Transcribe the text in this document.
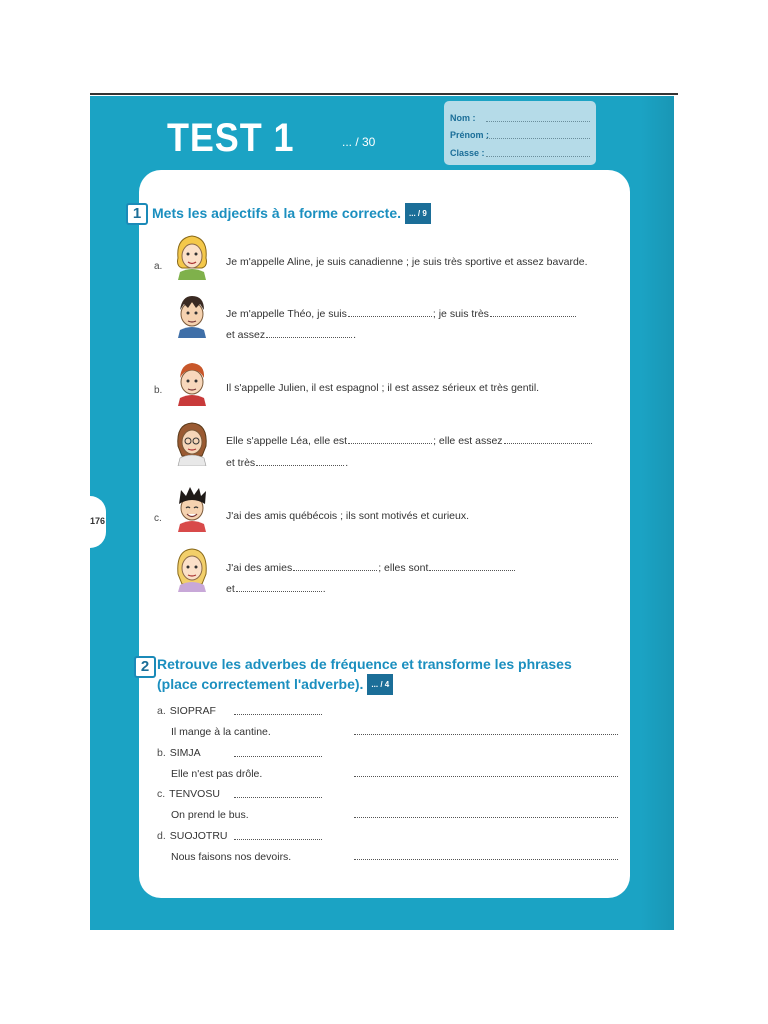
TEST 1	... / 30
Nom :
Prénom :
Classe :
176
1 Mets les adjectifs à la forme correcte. ... / 9
a.	Je m'appelle Aline, je suis canadienne ; je suis très sportive et assez bavarde.
Je m'appelle Théo, je suis	; je suis très
et assez	.
b.	Il s'appelle Julien, il est espagnol ; il est assez sérieux et très gentil.
Elle s'appelle Léa, elle est	; elle est assez
et très	.
c.	J'ai des amis québécois ; ils sont motivés et curieux.
J'ai des amies	; elles sont
et	.
2 Retrouve les adverbes de fréquence et transforme les phrases
(place correctement l'adverbe). ... / 4
a. SIOPRAF
Il mange à la cantine.
b. SIMJA
Elle n'est pas drôle.
c. TENVOSU
On prend le bus.
d. SUOJOTRU
Nous faisons nos devoirs.
